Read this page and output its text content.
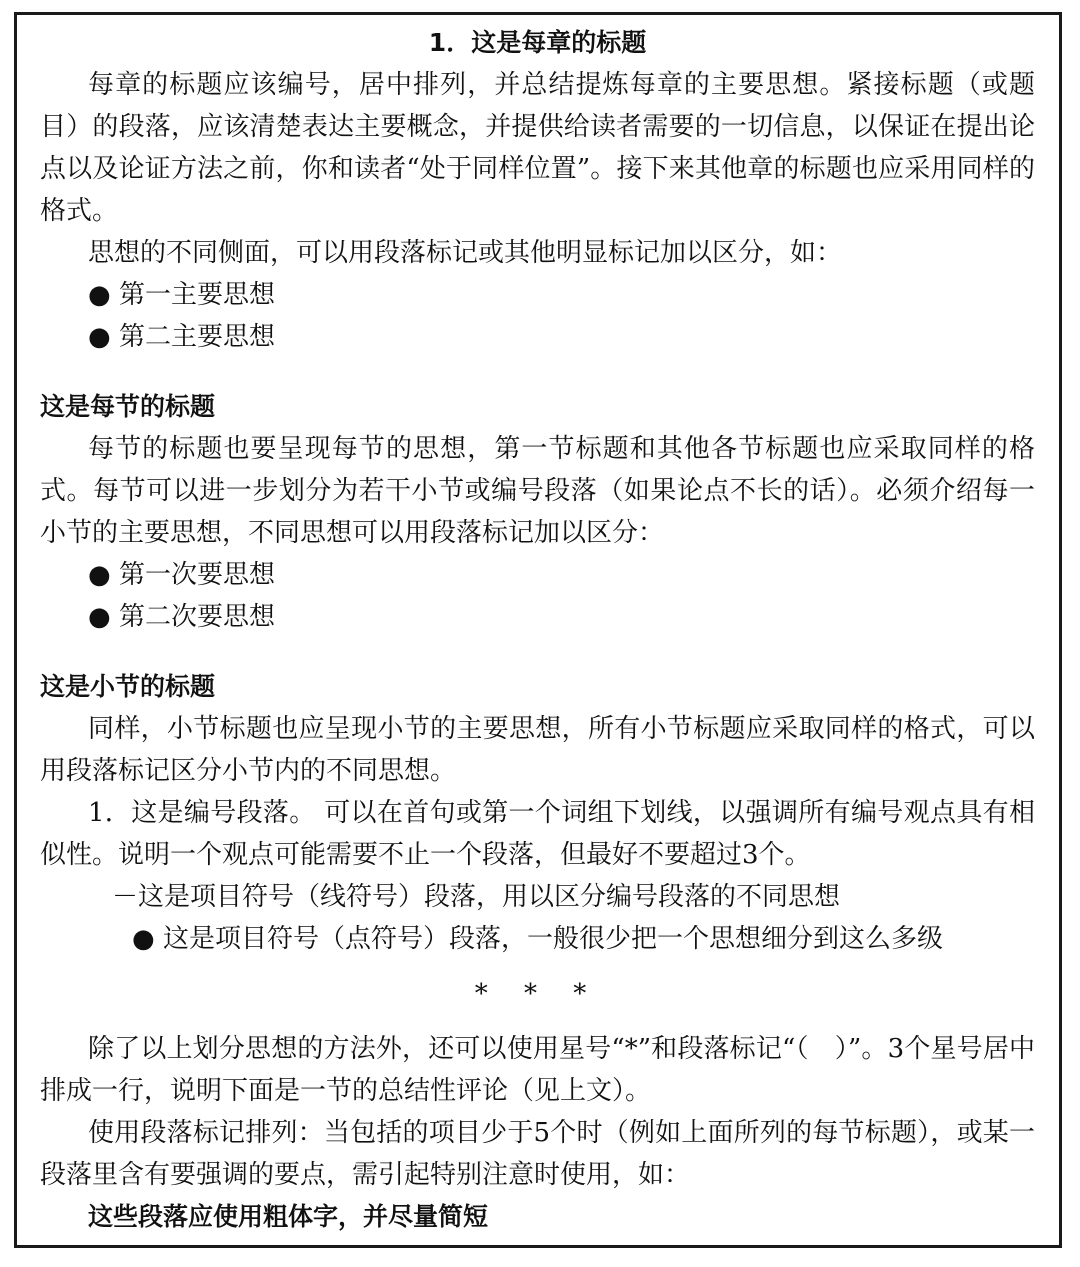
1．这是每章的标题

每章的标题应该编号，居中排列，并总结提炼每章的主要思想。紧接标题（或题目）的段落，应该清楚表达主要概念，并提供给读者需要的一切信息，以保证在提出论点以及论证方法之前，你和读者“处于同样位置”。接下来其他章的标题也应采用同样的格式。

思想的不同侧面，可以用段落标记或其他明显标记加以区分，如：

● 第一主要思想

● 第二主要思想

这是每节的标题

每节的标题也要呈现每节的思想，第一节标题和其他各节标题也应采取同样的格式。每节可以进一步划分为若干小节或编号段落（如果论点不长的话）。必须介绍每一小节的主要思想，不同思想可以用段落标记加以区分：

● 第一次要思想

● 第二次要思想

这是小节的标题

同样，小节标题也应呈现小节的主要思想，所有小节标题应采取同样的格式，可以用段落标记区分小节内的不同思想。

1．这是编号段落。 可以在首句或第一个词组下划线，以强调所有编号观点具有相似性。说明一个观点可能需要不止一个段落，但最好不要超过3个。

－这是项目符号（线符号）段落，用以区分编号段落的不同思想

● 这是项目符号（点符号）段落，一般很少把一个思想细分到这么多级

* * *

除了以上划分思想的方法外，还可以使用星号“*”和段落标记“（　）”。3个星号居中排成一行，说明下面是一节的总结性评论（见上文）。

使用段落标记排列：当包括的项目少于5个时（例如上面所列的每节标题），或某一段落里含有要强调的要点，需引起特别注意时使用，如：

这些段落应使用粗体字，并尽量简短
